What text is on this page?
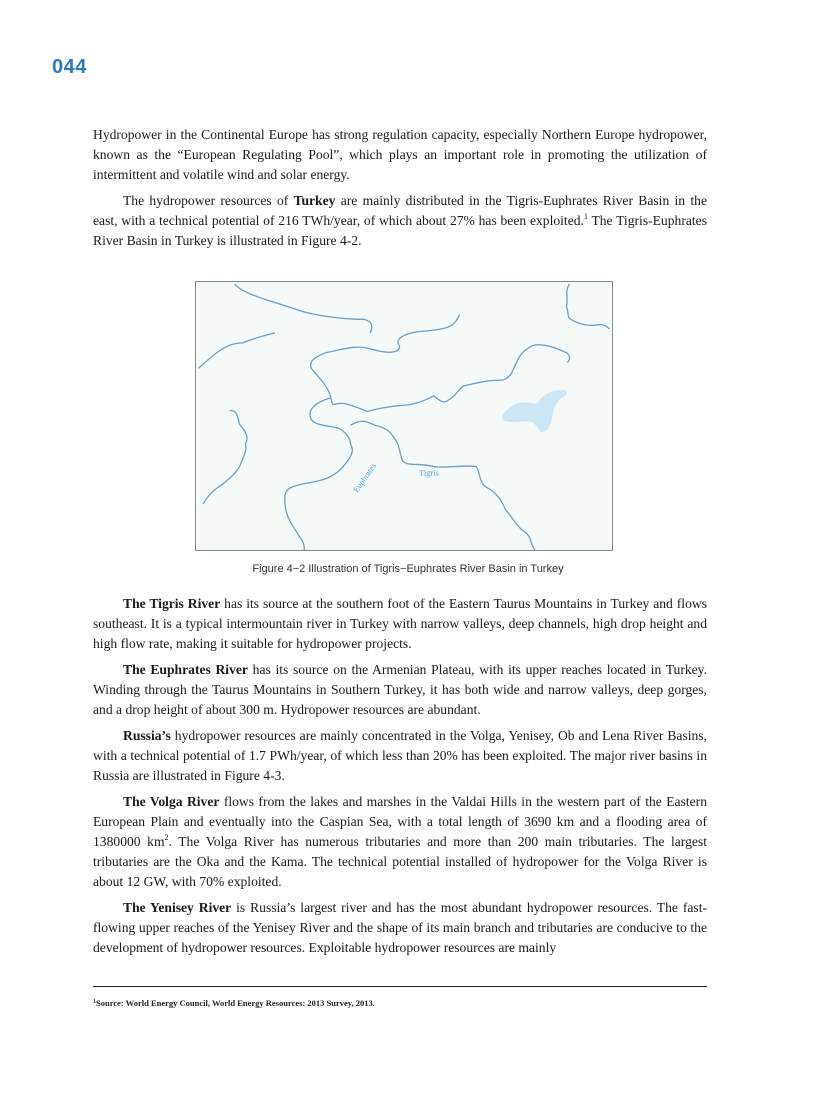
044

Hydropower in the Continental Europe has strong regulation capacity, especially Northern Europe hydropower, known as the “European Regulating Pool”, which plays an important role in promoting the utilization of intermittent and volatile wind and solar energy.

The hydropower resources of Turkey are mainly distributed in the Tigris-Euphrates River Basin in the east, with a technical potential of 216 TWh/year, of which about 27% has been exploited.$^1$ The Tigris-Euphrates River Basin in Turkey is illustrated in Figure 4-2.

Euphrates	Tigris
Figure 4−2 Illustration of Tigris−Euphrates River Basin in Turkey

The Tigris River has its source at the southern foot of the Eastern Taurus Mountains in Turkey and flows southeast. It is a typical intermountain river in Turkey with narrow valleys, deep channels, high drop height and high flow rate, making it suitable for hydropower projects.

The Euphrates River has its source on the Armenian Plateau, with its upper reaches located in Turkey. Winding through the Taurus Mountains in Southern Turkey, it has both wide and narrow valleys, deep gorges, and a drop height of about 300 m. Hydropower resources are abundant.

Russia’s hydropower resources are mainly concentrated in the Volga, Yenisey, Ob and Lena River Basins, with a technical potential of 1.7 PWh/year, of which less than 20% has been exploited. The major river basins in Russia are illustrated in Figure 4-3.

The Volga River flows from the lakes and marshes in the Valdai Hills in the western part of the Eastern European Plain and eventually into the Caspian Sea, with a total length of 3690 km and a flooding area of 1380000 $km^2$. The Volga River has numerous tributaries and more than 200 main tributaries. The largest tributaries are the Oka and the Kama. The technical potential installed of hydropower for the Volga River is about 12 GW, with 70% exploited.

The Yenisey River is Russia’s largest river and has the most abundant hydropower resources. The fast-flowing upper reaches of the Yenisey River and the shape of its main branch and tributaries are conducive to the development of hydropower resources. Exploitable hydropower resources are mainly

$^1$Source: World Energy Council, World Energy Resources: 2013 Survey, 2013.
